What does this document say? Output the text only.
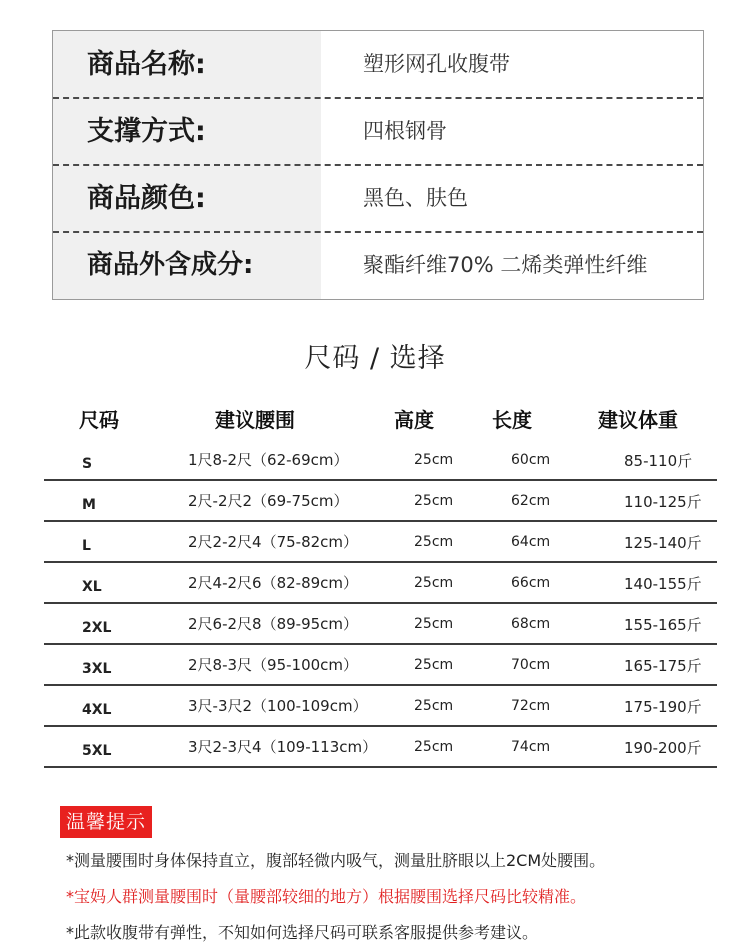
商品名称:	塑形网孔收腹带
支撑方式:	四根钢骨
商品颜色:	黑色、肤色
商品外含成分:	聚酯纤维70% 二烯类弹性纤维
尺码 / 选择
尺码	建议腰围	高度	长度	建议体重
S	1尺8-2尺（62-69cm）	25cm	60cm	85-110斤
M	2尺-2尺2（69-75cm）	25cm	62cm	110-125斤
L	2尺2-2尺4（75-82cm）	25cm	64cm	125-140斤
XL	2尺4-2尺6（82-89cm）	25cm	66cm	140-155斤
2XL	2尺6-2尺8（89-95cm）	25cm	68cm	155-165斤
3XL	2尺8-3尺（95-100cm）	25cm	70cm	165-175斤
4XL	3尺-3尺2（100-109cm）	25cm	72cm	175-190斤
5XL	3尺2-3尺4（109-113cm）	25cm	74cm	190-200斤
温馨提示
*测量腰围时身体保持直立，腹部轻微内吸气，测量肚脐眼以上2CM处腰围。
*宝妈人群测量腰围时（量腰部较细的地方）根据腰围选择尺码比较精准。
*此款收腹带有弹性，不知如何选择尺码可联系客服提供参考建议。
